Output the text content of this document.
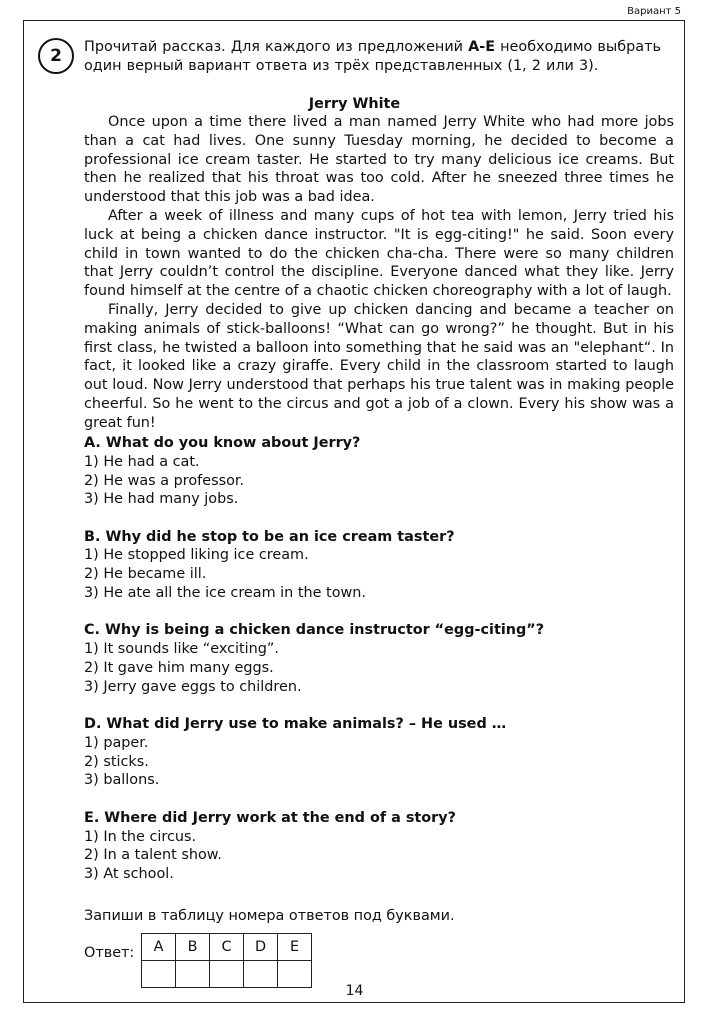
Вариант 5
2	Прочитай рассказ. Для каждого из предложений A-E необходимо выбрать один верный вариант ответа из трёх представленных (1, 2 или 3).
Jerry White

Once upon a time there lived a man named Jerry White who had more jobs than a cat had lives. One sunny Tuesday morning, he decided to become a professional ice cream taster. He started to try many delicious ice creams. But then he realized that his throat was too cold. After he sneezed three times he understood that this job was a bad idea.

After a week of illness and many cups of hot tea with lemon, Jerry tried his luck at being a chicken dance instructor. "It is egg-citing!" he said. Soon every child in town wanted to do the chicken cha-cha. There were so many children that Jerry couldn’t control the discipline. Everyone danced what they like. Jerry found himself at the centre of a chaotic chicken choreography with a lot of laugh.

Finally, Jerry decided to give up chicken dancing and became a teacher on making animals of stick-balloons! “What can go wrong?” he thought. But in his first class, he twisted a balloon into something that he said was an "elephant“. In fact, it looked like a crazy giraffe. Every child in the classroom started to laugh out loud. Now Jerry understood that perhaps his true talent was in making people cheerful. So he went to the circus and got a job of a clown. Every his show was a great fun!

A. What do you know about Jerry?
1) He had a cat.
2) He was a professor.
3) He had many jobs.
B. Why did he stop to be an ice cream taster?
1) He stopped liking ice cream.
2) He became ill.
3) He ate all the ice cream in the town.
C. Why is being a chicken dance instructor “egg-citing”?
1) It sounds like “exciting”.
2) It gave him many eggs.
3) Jerry gave eggs to children.
D. What did Jerry use to make animals? – He used …
1) paper.
2) sticks.
3) ballons.
E. Where did Jerry work at the end of a story?
1) In the circus.
2) In a talent show.
3) At school.
Запиши в таблицу номера ответов под буквами.
Ответ: A	B	C	D	E

14
